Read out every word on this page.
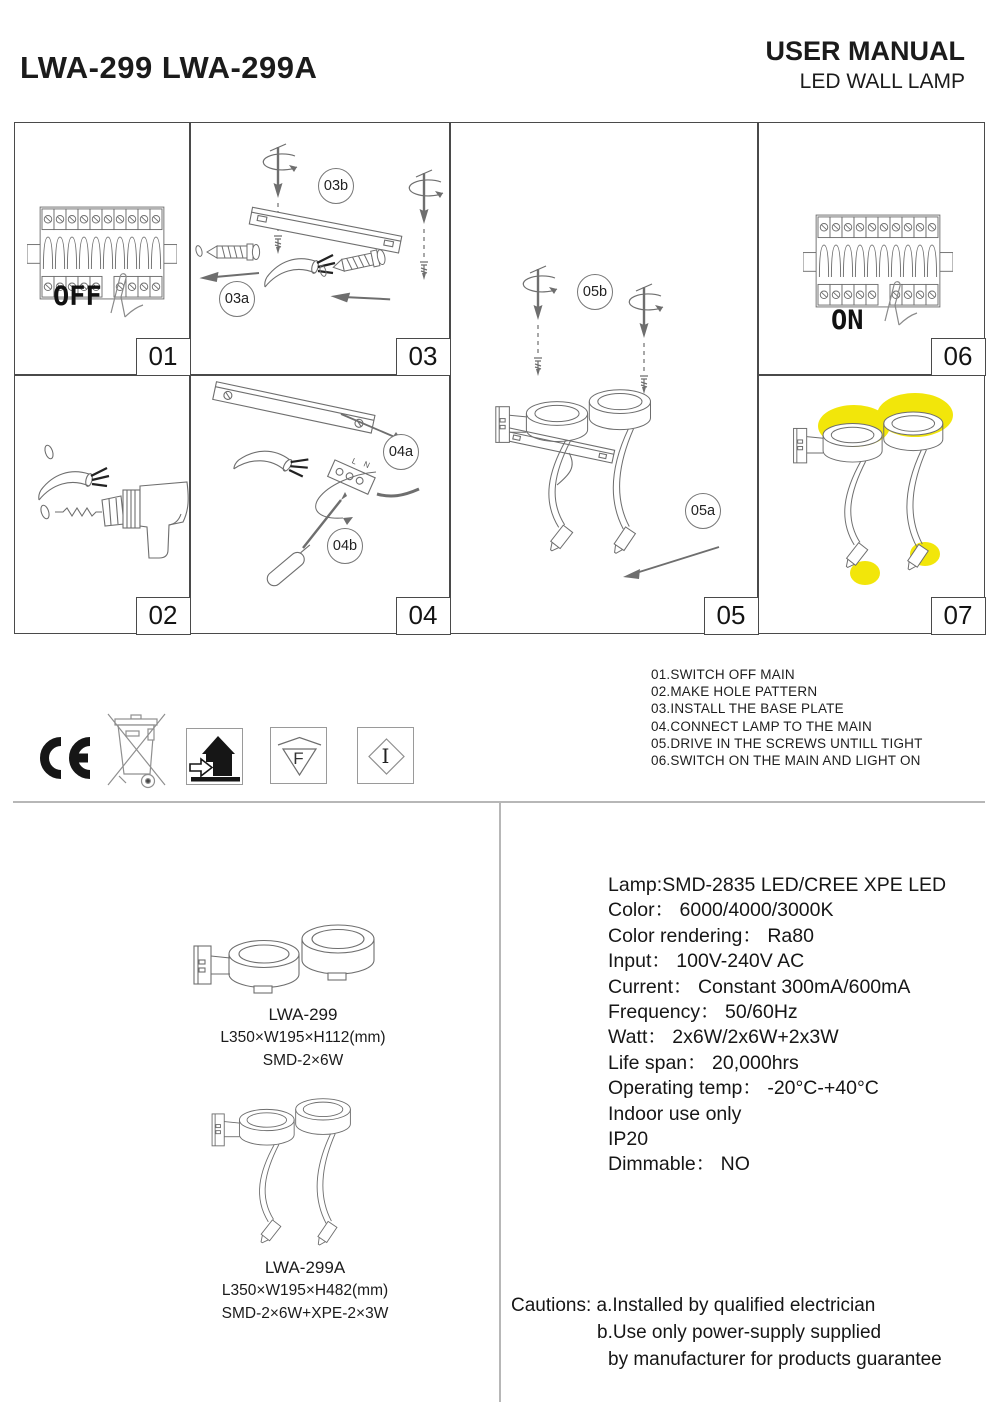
LWA-299 LWA-299A	USER MANUAL
LED WALL LAMP
OFF
01
02
03b
03a
03
L N
04a
04b
04
05b
05a
05
ON
06
07
F	I
01.SWITCH OFF MAIN
02.MAKE HOLE PATTERN
03.INSTALL THE BASE PLATE
04.CONNECT LAMP TO THE MAIN
05.DRIVE IN THE SCREWS UNTILL TIGHT
06.SWITCH ON THE MAIN AND LIGHT ON
LWA-299
L350×W195×H112(mm)
SMD-2×6W
LWA-299A
L350×W195×H482(mm)
SMD-2×6W+XPE-2×3W
Lamp:SMD-2835 LED/CREE XPE LED
Color： 6000/4000/3000K
Color rendering： Ra80
Input： 100V-240V AC
Current： Constant 300mA/600mA
Frequency： 50/60Hz
Watt： 2x6W/2x6W+2x3W
Life span： 20,000hrs
Operating temp： -20°C-+40°C
Indoor use only
IP20
Dimmable： NO
Cautions: a.Installed by qualified electrician
b.Use only power-supply supplied
by manufacturer for products guarantee
